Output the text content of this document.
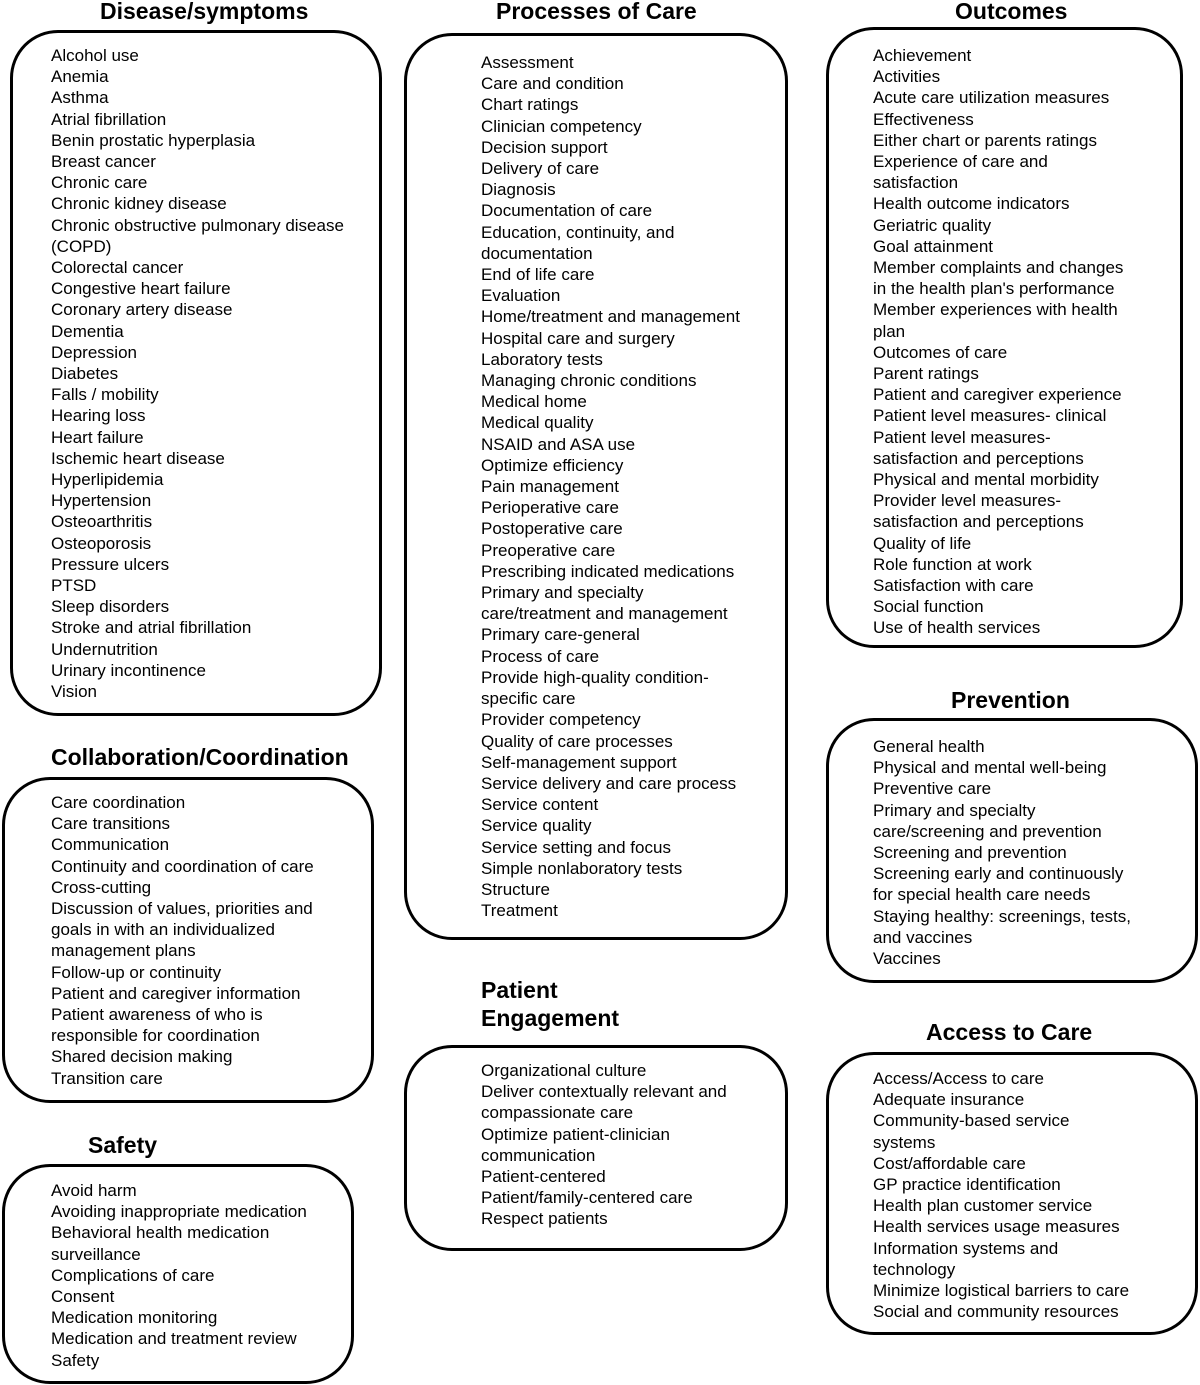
Disease/symptoms
Alcohol use
Anemia
Asthma
Atrial fibrillation
Benin prostatic hyperplasia
Breast cancer
Chronic care
Chronic kidney disease
Chronic obstructive pulmonary disease
(COPD)
Colorectal cancer
Congestive heart failure
Coronary artery disease
Dementia
Depression
Diabetes
Falls / mobility
Hearing loss
Heart failure
Ischemic heart disease
Hyperlipidemia
Hypertension
Osteoarthritis
Osteoporosis
Pressure ulcers
PTSD
Sleep disorders
Stroke and atrial fibrillation
Undernutrition
Urinary incontinence
Vision
Collaboration/Coordination
Care coordination
Care transitions
Communication
Continuity and coordination of care
Cross-cutting
Discussion of values, priorities and
goals in with an individualized
management plans
Follow-up or continuity
Patient and caregiver information
Patient awareness of who is
responsible for coordination
Shared decision making
Transition care
Safety
Avoid harm
Avoiding inappropriate medication
Behavioral health medication
surveillance
Complications of care
Consent
Medication monitoring
Medication and treatment review
Safety
Processes of Care
Assessment
Care and condition
Chart ratings
Clinician competency
Decision support
Delivery of care
Diagnosis
Documentation of care
Education, continuity, and
documentation
End of life care
Evaluation
Home/treatment and management
Hospital care and surgery
Laboratory tests
Managing chronic conditions
Medical home
Medical quality
NSAID and ASA use
Optimize efficiency
Pain management
Perioperative care
Postoperative care
Preoperative care
Prescribing indicated medications
Primary and specialty
care/treatment and management
Primary care-general
Process of care
Provide high-quality condition-
specific care
Provider competency
Quality of care processes
Self-management support
Service delivery and care process
Service content
Service quality
Service setting and focus
Simple nonlaboratory tests
Structure
Treatment
Patient
Engagement
Organizational culture
Deliver contextually relevant and
compassionate care
Optimize patient-clinician
communication
Patient-centered
Patient/family-centered care
Respect patients
Outcomes
Achievement
Activities
Acute care utilization measures
Effectiveness
Either chart or parents ratings
Experience of care and
satisfaction
Health outcome indicators
Geriatric quality
Goal attainment
Member complaints and changes
in the health plan's performance
Member experiences with health
plan
Outcomes of care
Parent ratings
Patient and caregiver experience
Patient level measures- clinical
Patient level measures-
satisfaction and perceptions
Physical and mental morbidity
Provider level measures-
satisfaction and perceptions
Quality of life
Role function at work
Satisfaction with care
Social function
Use of health services
Prevention
General health
Physical and mental well-being
Preventive care
Primary and specialty
care/screening and prevention
Screening and prevention
Screening early and continuously
for special health care needs
Staying healthy: screenings, tests,
and vaccines
Vaccines
Access to Care
Access/Access to care
Adequate insurance
Community-based service
systems
Cost/affordable care
GP practice identification
Health plan customer service
Health services usage measures
Information systems and
technology
Minimize logistical barriers to care
Social and community resources
